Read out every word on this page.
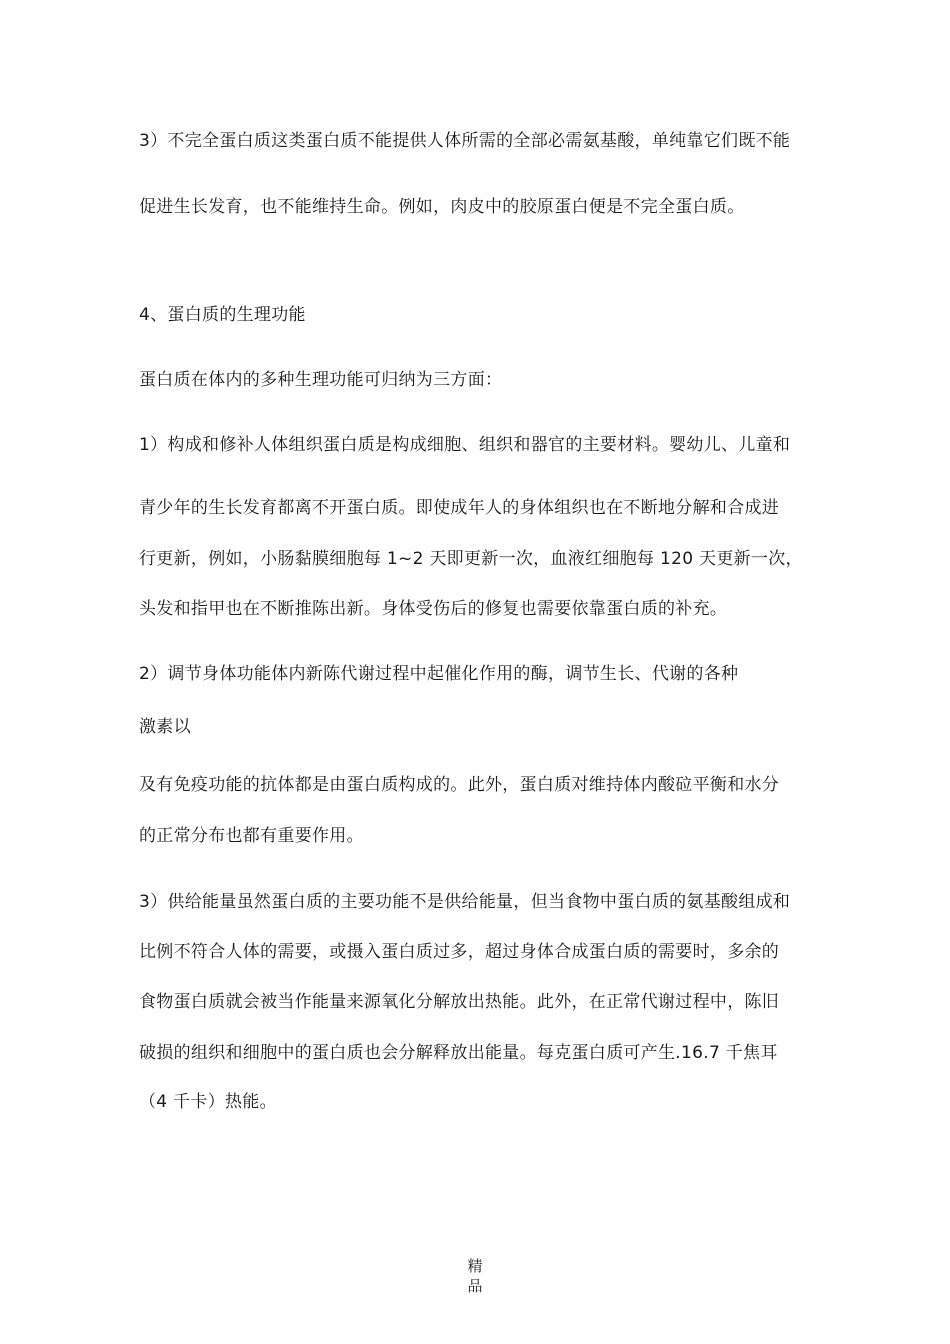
3）不完全蛋白质这类蛋白质不能提供人体所需的全部必需氨基酸，单纯靠它们既不能
促进生长发育，也不能维持生命。例如，肉皮中的胶原蛋白便是不完全蛋白质。
4、蛋白质的生理功能
蛋白质在体内的多种生理功能可归纳为三方面：
1）构成和修补人体组织蛋白质是构成细胞、组织和器官的主要材料。婴幼儿、儿童和
青少年的生长发育都离不开蛋白质。即使成年人的身体组织也在不断地分解和合成进
行更新，例如，小肠黏膜细胞每 1~2 天即更新一次，血液红细胞每 120 天更新一次，
头发和指甲也在不断推陈出新。身体受伤后的修复也需要依靠蛋白质的补充。
2）调节身体功能体内新陈代谢过程中起催化作用的酶，调节生长、代谢的各种
激素以
及有免疫功能的抗体都是由蛋白质构成的。此外，蛋白质对维持体内酸砬平衡和水分
的正常分布也都有重要作用。
3）供给能量虽然蛋白质的主要功能不是供给能量，但当食物中蛋白质的氨基酸组成和
比例不符合人体的需要，或摄入蛋白质过多，超过身体合成蛋白质的需要时，多余的
食物蛋白质就会被当作能量来源氧化分解放出热能。此外，在正常代谢过程中，陈旧
破损的组织和细胞中的蛋白质也会分解释放出能量。每克蛋白质可产生.16.7 千焦耳
（4 千卡）热能。
精品
